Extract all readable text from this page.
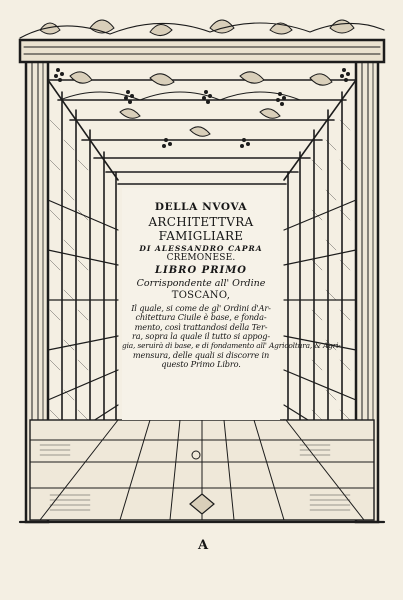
DELLA NVOVA
ARCHITETTVRA
FAMIGLIARE
DI ALESSANDRO CAPRA
CREMONESE.
LIBRO PRIMO
Corrispondente all' Ordine
TOSCANO,
Il quale, si come de gl' Ordini d'Ar-
chitettura Ciuile è base, e fonda-
mento, così trattandosi della Ter-
ra, sopra la quale il tutto si appog-
gia, seruirà di base, e di fondamento all' Agricoltura, & Agri-
mensura, delle quali si discorre in
questo Primo Libro.
A
